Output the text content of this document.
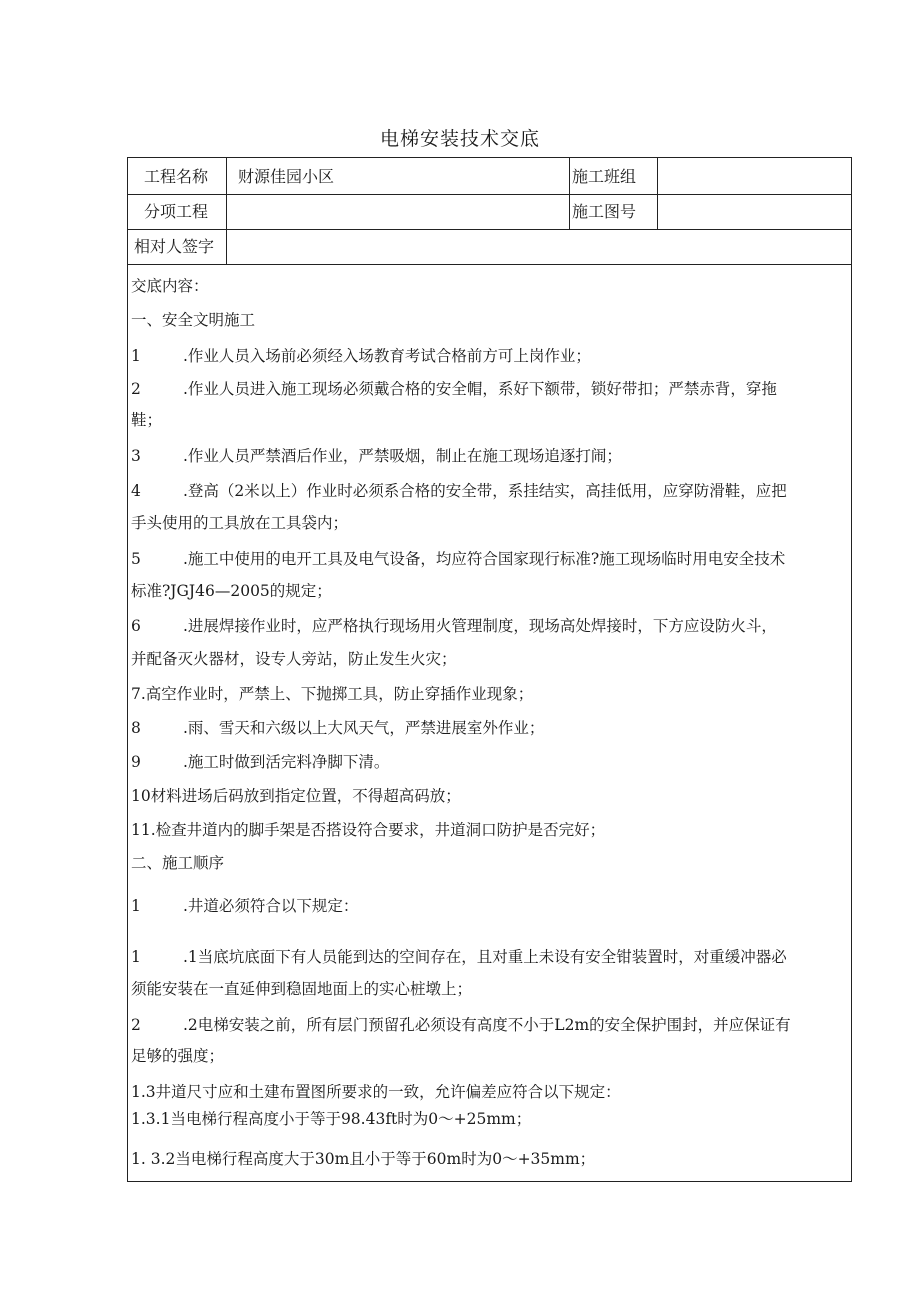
电梯安装技术交底
工程名称 财源佳园小区	施工班组
分项工程	施工图号
相对人签字
交底内容：
一、安全文明施工
1	.作业人员入场前必须经入场教育考试合格前方可上岗作业；
2	.作业人员进入施工现场必须戴合格的安全帽，系好下额带，锁好带扣；严禁赤背，穿拖
鞋；
3	.作业人员严禁酒后作业，严禁吸烟，制止在施工现场追逐打闹；
4	.登高（2米以上）作业时必须系合格的安全带，系挂结实，高挂低用，应穿防滑鞋，应把
手头使用的工具放在工具袋内；
5	.施工中使用的电开工具及电气设备，均应符合国家现行标准?施工现场临时用电安全技术
标准?JGJ46—2005的规定；
6	.进展焊接作业时，应严格执行现场用火管理制度，现场高处焊接时，下方应设防火斗，
并配备灭火器材，设专人旁站，防止发生火灾；
7.高空作业时，严禁上、下抛掷工具，防止穿插作业现象；
8	.雨、雪天和六级以上大风天气，严禁进展室外作业；
9	.施工时做到活完料净脚下清。
10材料进场后码放到指定位置，不得超高码放；
11.检查井道内的脚手架是否搭设符合要求，井道洞口防护是否完好；
二、施工顺序
1	.井道必须符合以下规定：
1	.1当底坑底面下有人员能到达的空间存在，且对重上未设有安全钳装置时，对重缓冲器必
须能安装在一直延伸到稳固地面上的实心桩墩上；
2	.2电梯安装之前，所有层门预留孔必须设有高度不小于L2m的安全保护围封，并应保证有
足够的强度；
1.3井道尺寸应和土建布置图所要求的一致，允许偏差应符合以下规定：
1.3.1当电梯行程高度小于等于98.43ft时为0～+25mm；
1. 3.2当电梯行程高度大于30m且小于等于60m时为0～+35mm；
